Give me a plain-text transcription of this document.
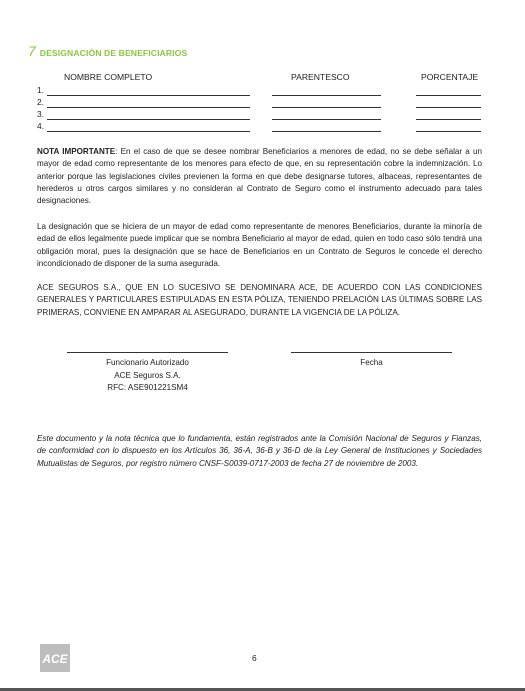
7 DESIGNACIÓN DE BENEFICIARIOS
NOMBRE COMPLETO	PARENTESCO	PORCENTAJE
1.
2.
3.
4.
NOTA IMPORTANTE: En el caso de que se desee nombrar Beneficiarios a menores de edad, no se debe señalar a un mayor de edad como representante de los menores para efecto de que, en su representación cobre la indemnización. Lo anterior porque las legislaciones civiles previenen la forma en que debe designarse tutores, albaceas, representantes de herederos u otros cargos similares y no consideran al Contrato de Seguro como el instrumento adecuado para tales designaciones.
La designación que se hiciera de un mayor de edad como representante de menores Beneficiarios, durante la minoría de edad de ellos legalmente puede implicar que se nombra Beneficiario al mayor de edad, quien en todo caso sólo tendrá una obligación moral, pues la designación que se hace de Beneficiarios en un Contrato de Seguros le concede el derecho incondicionado de disponer de la suma asegurada.
ACE SEGUROS S.A., QUE EN LO SUCESIVO SE DENOMINARA ACE, DE ACUERDO CON LAS CONDICIONES GENERALES Y PARTICULARES ESTIPULADAS EN ESTA PÓLIZA, TENIENDO PRELACIÓN LAS ÚLTIMAS SOBRE LAS PRIMERAS, CONVIENE EN AMPARAR AL ASEGURADO, DURANTE LA VIGENCIA DE LA PÓLIZA.
Funcionario Autorizado
ACE Seguros S.A.
RFC: ASE901221SM4
Fecha
Este documento y la nota técnica que lo fundamenta, están registrados ante la Comisión Nacional de Seguros y Fianzas, de conformidad con lo dispuesto en los Artículos 36, 36-A, 36-B y 36-D de la Ley General de Instituciones y Sociedades Mutualistas de Seguros, por registro número CNSF-S0039-0717-2003 de fecha 27 de noviembre de 2003.
ACE	6
